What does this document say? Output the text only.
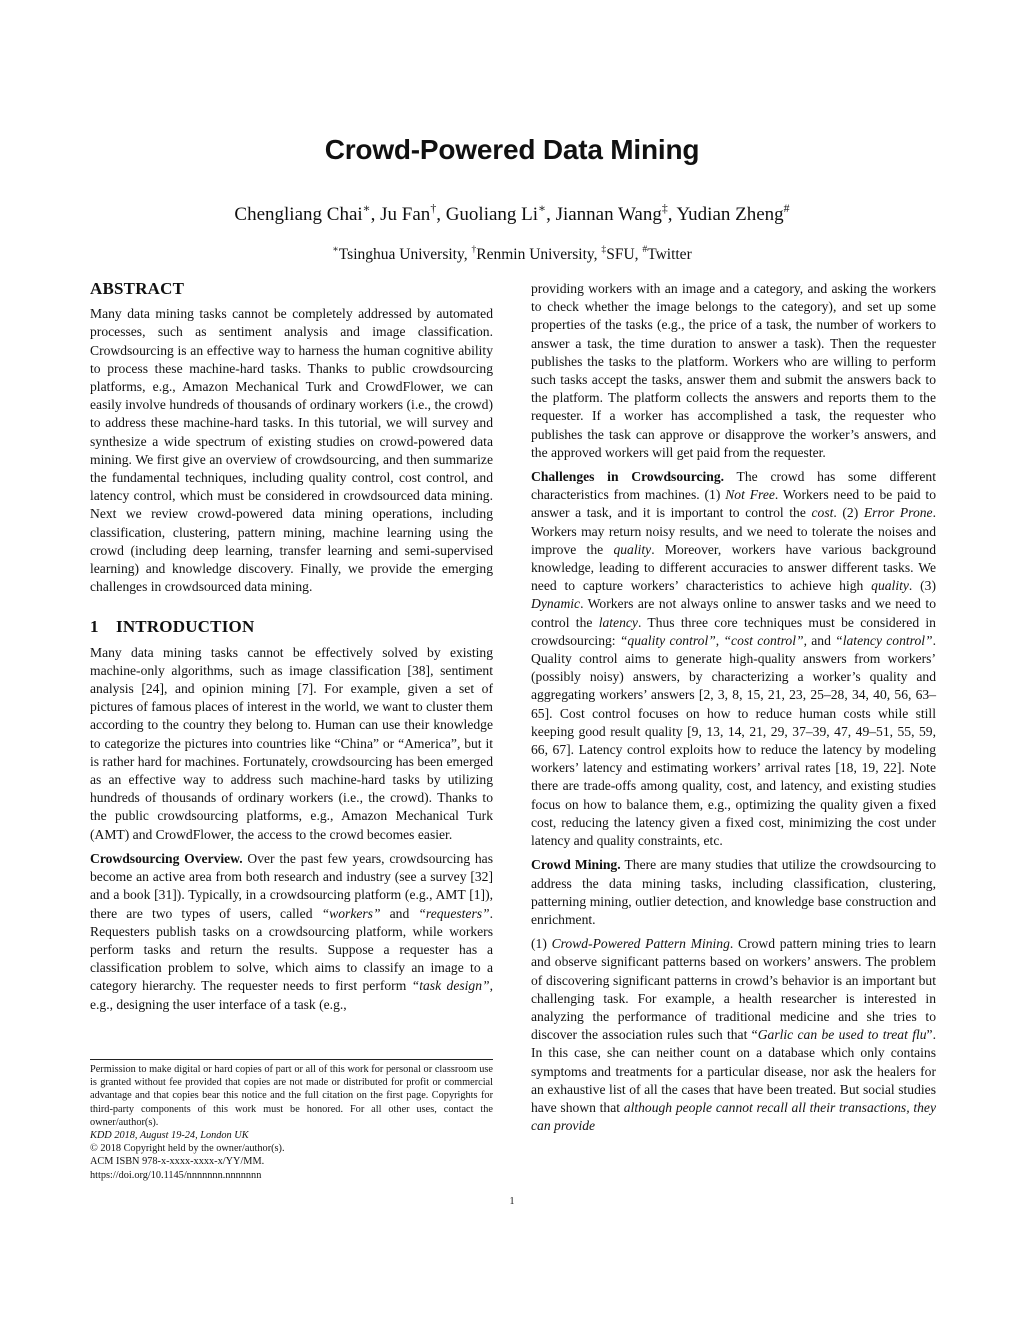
Crowd-Powered Data Mining

Chengliang Chai∗, Ju Fan†, Guoliang Li∗, Jiannan Wang‡, Yudian Zheng#

∗Tsinghua University, †Renmin University, ‡SFU, #Twitter

ABSTRACT

Many data mining tasks cannot be completely addressed by automated processes, such as sentiment analysis and image classification. Crowdsourcing is an effective way to harness the human cognitive ability to process these machine-hard tasks. Thanks to public crowdsourcing platforms, e.g., Amazon Mechanical Turk and CrowdFlower, we can easily involve hundreds of thousands of ordinary workers (i.e., the crowd) to address these machine-hard tasks. In this tutorial, we will survey and synthesize a wide spectrum of existing studies on crowd-powered data mining. We first give an overview of crowdsourcing, and then summarize the fundamental techniques, including quality control, cost control, and latency control, which must be considered in crowdsourced data mining. Next we review crowd-powered data mining operations, including classification, clustering, pattern mining, machine learning using the crowd (including deep learning, transfer learning and semi-supervised learning) and knowledge discovery. Finally, we provide the emerging challenges in crowdsourced data mining.

1 INTRODUCTION

Many data mining tasks cannot be effectively solved by existing machine-only algorithms, such as image classification [38], sentiment analysis [24], and opinion mining [7]. For example, given a set of pictures of famous places of interest in the world, we want to cluster them according to the country they belong to. Human can use their knowledge to categorize the pictures into countries like “China” or “America”, but it is rather hard for machines. Fortunately, crowdsourcing has been emerged as an effective way to address such machine-hard tasks by utilizing hundreds of thousands of ordinary workers (i.e., the crowd). Thanks to the public crowdsourcing platforms, e.g., Amazon Mechanical Turk (AMT) and CrowdFlower, the access to the crowd becomes easier.

Crowdsourcing Overview. Over the past few years, crowdsourcing has become an active area from both research and industry (see a survey [32] and a book [31]). Typically, in a crowdsourcing platform (e.g., AMT [1]), there are two types of users, called “workers” and “requesters”. Requesters publish tasks on a crowdsourcing platform, while workers perform tasks and return the results. Suppose a requester has a classification problem to solve, which aims to classify an image to a category hierarchy. The requester needs to first perform “task design”, e.g., designing the user interface of a task (e.g.,

providing workers with an image and a category, and asking the workers to check whether the image belongs to the category), and set up some properties of the tasks (e.g., the price of a task, the number of workers to answer a task, the time duration to answer a task). Then the requester publishes the tasks to the platform. Workers who are willing to perform such tasks accept the tasks, answer them and submit the answers back to the platform. The platform collects the answers and reports them to the requester. If a worker has accomplished a task, the requester who publishes the task can approve or disapprove the worker’s answers, and the approved workers will get paid from the requester.

Challenges in Crowdsourcing. The crowd has some different characteristics from machines. (1) Not Free. Workers need to be paid to answer a task, and it is important to control the cost. (2) Error Prone. Workers may return noisy results, and we need to tolerate the noises and improve the quality. Moreover, workers have various background knowledge, leading to different accuracies to answer different tasks. We need to capture workers’ characteristics to achieve high quality. (3) Dynamic. Workers are not always online to answer tasks and we need to control the latency. Thus three core techniques must be considered in crowdsourcing: “quality control”, “cost control”, and “latency control”. Quality control aims to generate high-quality answers from workers’ (possibly noisy) answers, by characterizing a worker’s quality and aggregating workers’ answers [2, 3, 8, 15, 21, 23, 25–28, 34, 40, 56, 63–65]. Cost control focuses on how to reduce human costs while still keeping good result quality [9, 13, 14, 21, 29, 37–39, 47, 49–51, 55, 59, 66, 67]. Latency control exploits how to reduce the latency by modeling workers’ latency and estimating workers’ arrival rates [18, 19, 22]. Note there are trade-offs among quality, cost, and latency, and existing studies focus on how to balance them, e.g., optimizing the quality given a fixed cost, reducing the latency given a fixed cost, minimizing the cost under latency and quality constraints, etc.

Crowd Mining. There are many studies that utilize the crowdsourcing to address the data mining tasks, including classification, clustering, patterning mining, outlier detection, and knowledge base construction and enrichment.

(1) Crowd-Powered Pattern Mining. Crowd pattern mining tries to learn and observe significant patterns based on workers’ answers. The problem of discovering significant patterns in crowd’s behavior is an important but challenging task. For example, a health researcher is interested in analyzing the performance of traditional medicine and she tries to discover the association rules such that “Garlic can be used to treat flu”. In this case, she can neither count on a database which only contains symptoms and treatments for a particular disease, nor ask the healers for an exhaustive list of all the cases that have been treated. But social studies have shown that although people cannot recall all their transactions, they can provide

Permission to make digital or hard copies of part or all of this work for personal or classroom use is granted without fee provided that copies are not made or distributed for profit or commercial advantage and that copies bear this notice and the full citation on the first page. Copyrights for third-party components of this work must be honored. For all other uses, contact the owner/author(s).

KDD 2018, August 19-24, London UK

© 2018 Copyright held by the owner/author(s).

ACM ISBN 978-x-xxxx-xxxx-x/YY/MM.

https://doi.org/10.1145/nnnnnnn.nnnnnnn

1
